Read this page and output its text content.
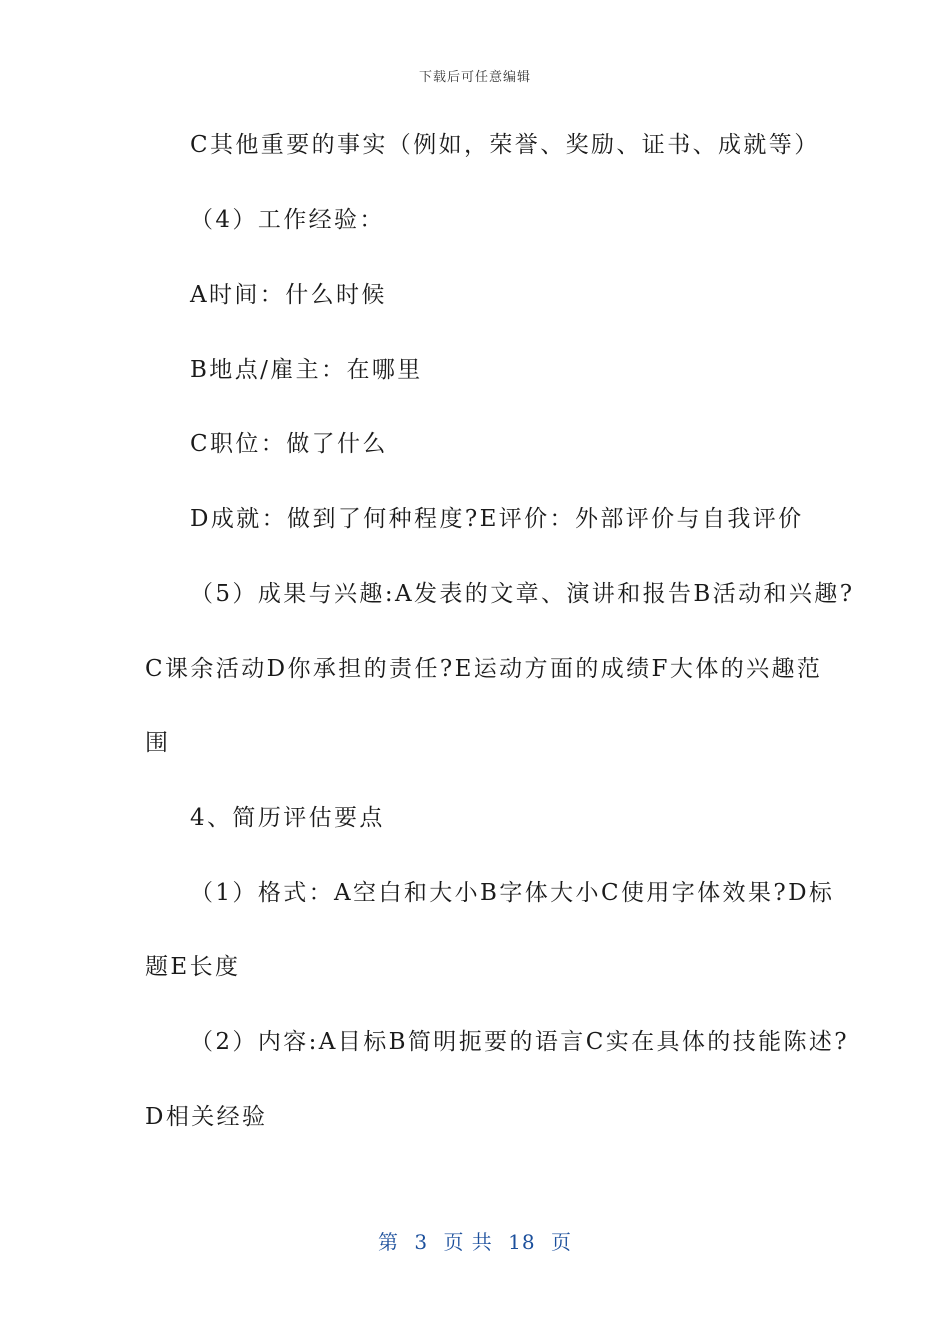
下载后可任意编辑
C其他重要的事实（例如，荣誉、奖励、证书、成就等）
（4）工作经验：
A时间：什么时候
B地点/雇主：在哪里
C职位：做了什么
D成就：做到了何种程度?E评价：外部评价与自我评价
（5）成果与兴趣:A发表的文章、演讲和报告B活动和兴趣?
C课余活动D你承担的责任?E运动方面的成绩F大体的兴趣范
围
4、简历评估要点
（1）格式：A空白和大小B字体大小C使用字体效果?D标
题E长度
（2）内容:A目标B简明扼要的语言C实在具体的技能陈述?
D相关经验
第 3 页 共 18 页
